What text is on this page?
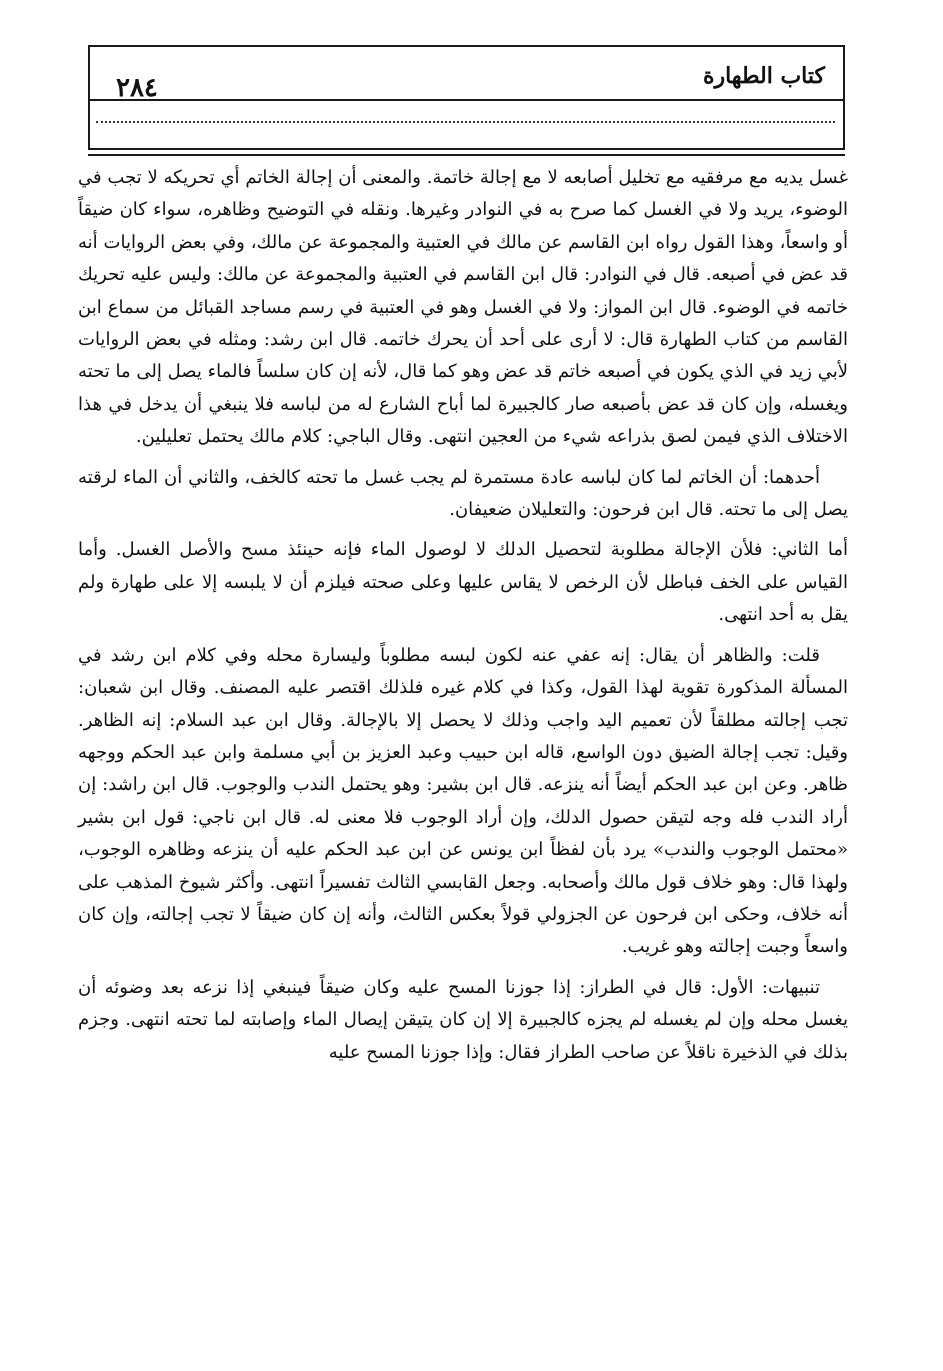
كتاب الطهارة
٢٨٤

غسل يديه مع مرفقيه مع تخليل أصابعه لا مع إجالة خاتمة. والمعنى أن إجالة الخاتم أي تحريكه لا تجب في الوضوء، يريد ولا في الغسل كما صرح به في النوادر وغيرها. ونقله في التوضيح وظاهره، سواء كان ضيقاً أو واسعاً، وهذا القول رواه ابن القاسم عن مالك في العتبية والمجموعة عن مالك، وفي بعض الروايات أنه قد عض في أصبعه. قال في النوادر: قال ابن القاسم في العتبية والمجموعة عن مالك: وليس عليه تحريك خاتمه في الوضوء. قال ابن المواز: ولا في الغسل وهو في العتبية في رسم مساجد القبائل من سماع ابن القاسم من كتاب الطهارة قال: لا أرى على أحد أن يحرك خاتمه. قال ابن رشد: ومثله في بعض الروايات لأبي زيد في الذي يكون في أصبعه خاتم قد عض وهو كما قال، لأنه إن كان سلساً فالماء يصل إلى ما تحته ويغسله، وإن كان قد عض بأصبعه صار كالجبيرة لما أباح الشارع له من لباسه فلا ينبغي أن يدخل في هذا الاختلاف الذي فيمن لصق بذراعه شيء من العجين انتهى. وقال الباجي: كلام مالك يحتمل تعليلين.

أحدهما: أن الخاتم لما كان لباسه عادة مستمرة لم يجب غسل ما تحته كالخف، والثاني أن الماء لرقته يصل إلى ما تحته. قال ابن فرحون: والتعليلان ضعيفان.

أما الثاني: فلأن الإجالة مطلوبة لتحصيل الدلك لا لوصول الماء فإنه حينئذ مسح والأصل الغسل. وأما القياس على الخف فباطل لأن الرخص لا يقاس عليها وعلى صحته فيلزم أن لا يلبسه إلا على طهارة ولم يقل به أحد انتهى.

قلت: والظاهر أن يقال: إنه عفي عنه لكون لبسه مطلوباً وليسارة محله وفي كلام ابن رشد في المسألة المذكورة تقوية لهذا القول، وكذا في كلام غيره فلذلك اقتصر عليه المصنف. وقال ابن شعبان: تجب إجالته مطلقاً لأن تعميم اليد واجب وذلك لا يحصل إلا بالإجالة. وقال ابن عبد السلام: إنه الظاهر. وقيل: تجب إجالة الضيق دون الواسع، قاله ابن حبيب وعبد العزيز بن أبي مسلمة وابن عبد الحكم ووجهه ظاهر. وعن ابن عبد الحكم أيضاً أنه ينزعه. قال ابن بشير: وهو يحتمل الندب والوجوب. قال ابن راشد: إن أراد الندب فله وجه لتيقن حصول الدلك، وإن أراد الوجوب فلا معنى له. قال ابن ناجي: قول ابن بشير «محتمل الوجوب والندب» يرد بأن لفظاً ابن يونس عن ابن عبد الحكم عليه أن ينزعه وظاهره الوجوب، ولهذا قال: وهو خلاف قول مالك وأصحابه. وجعل القابسي الثالث تفسيراً انتهى. وأكثر شيوخ المذهب على أنه خلاف، وحكى ابن فرحون عن الجزولي قولاً بعكس الثالث، وأنه إن كان ضيقاً لا تجب إجالته، وإن كان واسعاً وجبت إجالته وهو غريب.

تنبيهات: الأول: قال في الطراز: إذا جوزنا المسح عليه وكان ضيقاً فينبغي إذا نزعه بعد وضوئه أن يغسل محله وإن لم يغسله لم يجزه كالجبيرة إلا إن كان يتيقن إيصال الماء وإصابته لما تحته انتهى. وجزم بذلك في الذخيرة ناقلاً عن صاحب الطراز فقال: وإذا جوزنا المسح عليه
